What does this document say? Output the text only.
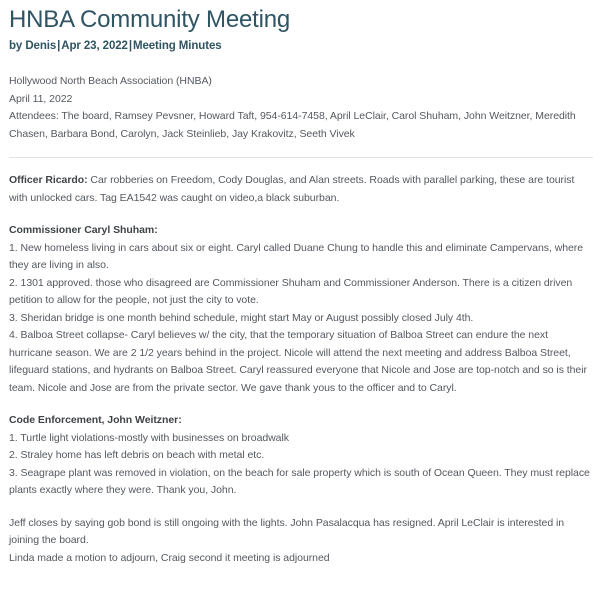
HNBA Community Meeting
by Denis|Apr 23, 2022|Meeting Minutes
Hollywood North Beach Association (HNBA)
April 11, 2022
Attendees: The board, Ramsey Pevsner, Howard Taft, 954-614-7458, April LeClair, Carol Shuham, John Weitzner, Meredith Chasen, Barbara Bond, Carolyn, Jack Steinlieb, Jay Krakovitz, Seeth Vivek

Officer Ricardo: Car robberies on Freedom, Cody Douglas, and Alan streets. Roads with parallel parking, these are tourist with unlocked cars. Tag EA1542 was caught on video,a black suburban.

Commissioner Caryl Shuham:

1. New homeless living in cars about six or eight. Caryl called Duane Chung to handle this and eliminate Campervans, where they are living in also.

2. 1301 approved. those who disagreed are Commissioner Shuham and Commissioner Anderson. There is a citizen driven petition to allow for the people, not just the city to vote.

3. Sheridan bridge is one month behind schedule, might start May or August possibly closed July 4th.

4. Balboa Street collapse- Caryl believes w/ the city, that the temporary situation of Balboa Street can endure the next hurricane season. We are 2 1/2 years behind in the project. Nicole will attend the next meeting and address Balboa Street, lifeguard stations, and hydrants on Balboa Street. Caryl reassured everyone that Nicole and Jose are top-notch and so is their team. Nicole and Jose are from the private sector. We gave thank yous to the officer and to Caryl.

Code Enforcement, John Weitzner:

1. Turtle light violations-mostly with businesses on broadwalk

2. Straley home has left debris on beach with metal etc.

3. Seagrape plant was removed in violation, on the beach for sale property which is south of Ocean Queen. They must replace plants exactly where they were. Thank you, John.

Jeff closes by saying gob bond is still ongoing with the lights. John Pasalacqua has resigned. April LeClair is interested in joining the board.

Linda made a motion to adjourn, Craig second it meeting is adjourned
